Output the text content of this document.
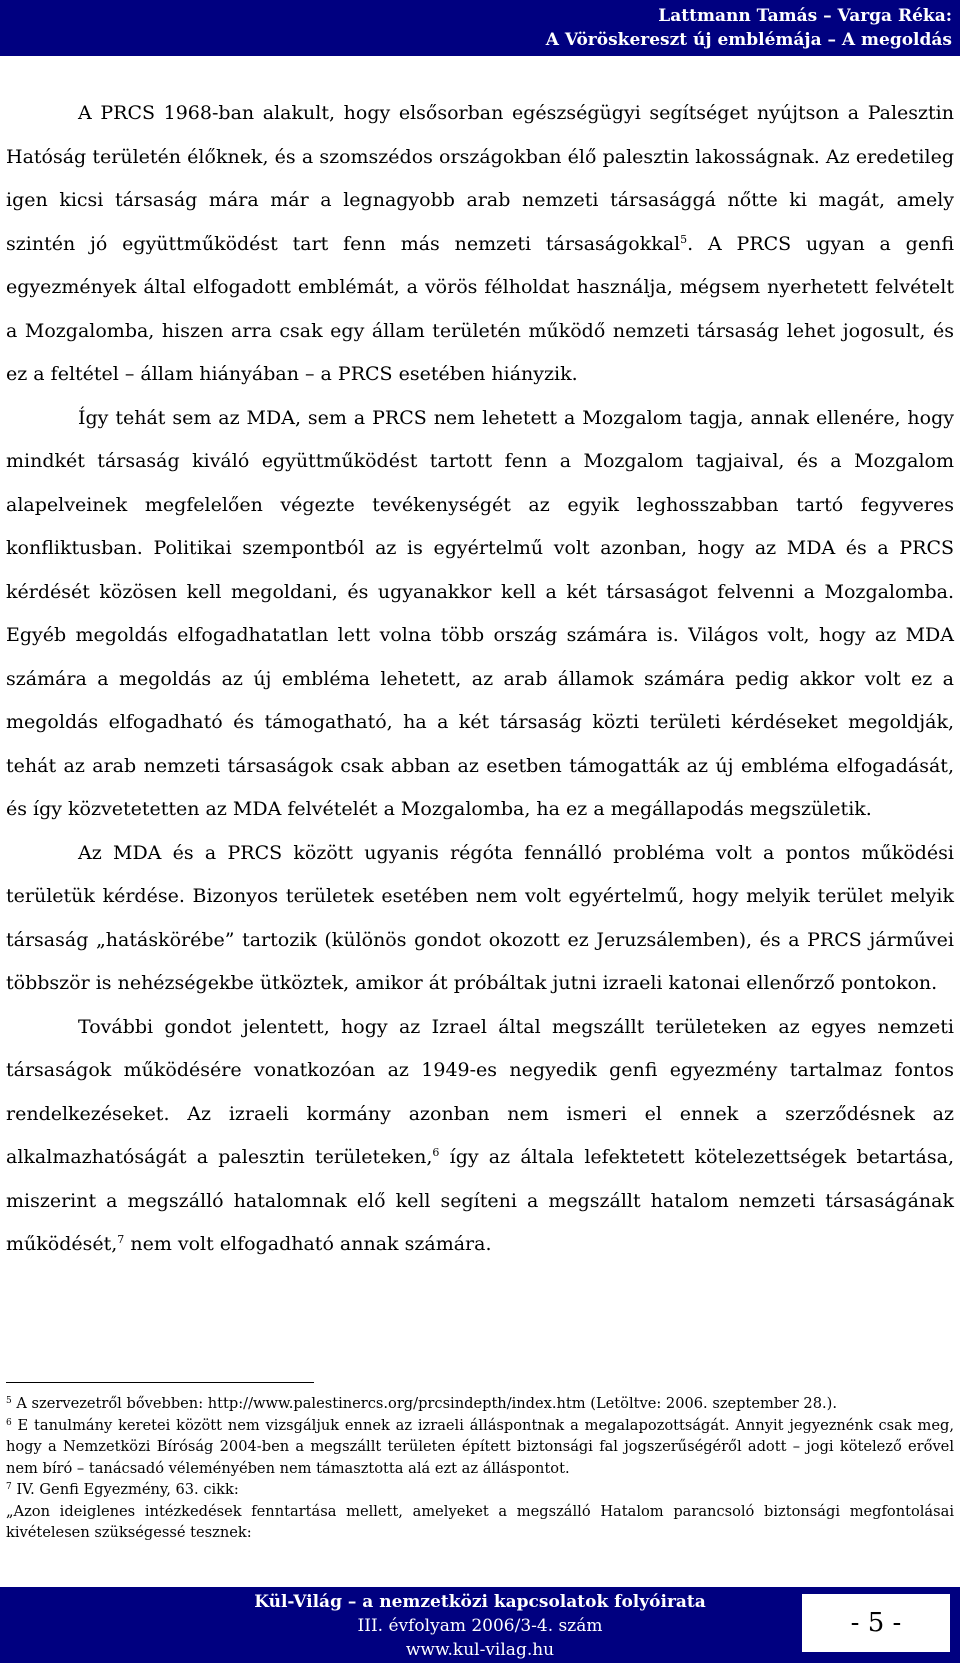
Lattmann Tamás – Varga Réka:
A Vöröskereszt új emblémája – A megoldás

A PRCS 1968-ban alakult, hogy elsősorban egészségügyi segítséget nyújtson a Palesztin Hatóság területén élőknek, és a szomszédos országokban élő palesztin lakosságnak. Az eredetileg igen kicsi társaság mára már a legnagyobb arab nemzeti társasággá nőtte ki magát, amely szintén jó együttműködést tart fenn más nemzeti társaságokkal$^5$. A PRCS ugyan a genfi egyezmények által elfogadott emblémát, a vörös félholdat használja, mégsem nyerhetett felvételt a Mozgalomba, hiszen arra csak egy állam területén működő nemzeti társaság lehet jogosult, és ez a feltétel – állam hiányában – a PRCS esetében hiányzik.

Így tehát sem az MDA, sem a PRCS nem lehetett a Mozgalom tagja, annak ellenére, hogy mindkét társaság kiváló együttműködést tartott fenn a Mozgalom tagjaival, és a Mozgalom alapelveinek megfelelően végezte tevékenységét az egyik leghosszabban tartó fegyveres konfliktusban. Politikai szempontból az is egyértelmű volt azonban, hogy az MDA és a PRCS kérdését közösen kell megoldani, és ugyanakkor kell a két társaságot felvenni a Mozgalomba. Egyéb megoldás elfogadhatatlan lett volna több ország számára is. Világos volt, hogy az MDA számára a megoldás az új embléma lehetett, az arab államok számára pedig akkor volt ez a megoldás elfogadható és támogatható, ha a két társaság közti területi kérdéseket megoldják, tehát az arab nemzeti társaságok csak abban az esetben támogatták az új embléma elfogadását, és így közvetetetten az MDA felvételét a Mozgalomba, ha ez a megállapodás megszületik.

Az MDA és a PRCS között ugyanis régóta fennálló probléma volt a pontos működési területük kérdése. Bizonyos területek esetében nem volt egyértelmű, hogy melyik terület melyik társaság „hatáskörébe” tartozik (különös gondot okozott ez Jeruzsálemben), és a PRCS járművei többször is nehézségekbe ütköztek, amikor át próbáltak jutni izraeli katonai ellenőrző pontokon.

További gondot jelentett, hogy az Izrael által megszállt területeken az egyes nemzeti társaságok működésére vonatkozóan az 1949-es negyedik genfi egyezmény tartalmaz fontos rendelkezéseket. Az izraeli kormány azonban nem ismeri el ennek a szerződésnek az alkalmazhatóságát a palesztin területeken,$^6$ így az általa lefektetett kötelezettségek betartása, miszerint a megszálló hatalomnak elő kell segíteni a megszállt hatalom nemzeti társaságának működését,$^7$ nem volt elfogadható annak számára.

$^5$ A szervezetről bővebben: http://www.palestinercs.org/prcsindepth/index.htm (Letöltve: 2006. szeptember 28.).

$^6$ E tanulmány keretei között nem vizsgáljuk ennek az izraeli álláspontnak a megalapozottságát. Annyit jegyeznénk csak meg, hogy a Nemzetközi Bíróság 2004-ben a megszállt területen épített biztonsági fal jogszerűségéről adott – jogi kötelező erővel nem bíró – tanácsadó véleményében nem támasztotta alá ezt az álláspontot.

$^7$ IV. Genfi Egyezmény, 63. cikk:

„Azon ideiglenes intézkedések fenntartása mellett, amelyeket a megszálló Hatalom parancsoló biztonsági megfontolásai kivételesen szükségessé tesznek:

Kül-Világ – a nemzetközi kapcsolatok folyóirata
III. évfolyam 2006/3-4. szám
www.kul-vilag.hu
- 5 -
